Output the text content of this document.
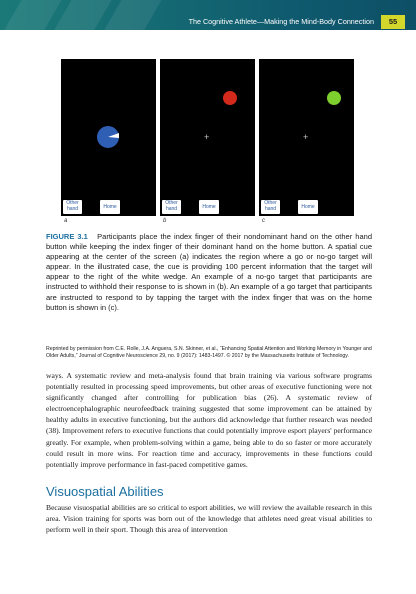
The Cognitive Athlete—Making the Mind-Body Connection	55
Other hand	Home
a
+
Other hand	Home
b
+
Other hand	Home
c
FIGURE 3.1 Participants place the index finger of their nondominant hand on the other hand button while keeping the index finger of their dominant hand on the home button. A spatial cue appearing at the center of the screen (a) indicates the region where a go or no-go target will appear. In the illustrated case, the cue is providing 100 percent information that the target will appear to the right of the white wedge. An example of a no-go target that participants are instructed to withhold their response to is shown in (b). An example of a go target that participants are instructed to respond to by tapping the target with the index finger that was on the home button is shown in (c).
Reprinted by permission from C.E. Rolle, J.A. Anguera, S.N. Skinner, et al., “Enhancing Spatial Attention and Working Memory in Younger and Older Adults,” Journal of Cognitive Neuroscience 29, no. 9 (2017): 1483-1497. © 2017 by the Massachusetts Institute of Technology.
ways. A systematic review and meta-analysis found that brain training via various software programs potentially resulted in processing speed improvements, but other areas of executive functioning were not significantly changed after controlling for publication bias (26). A systematic review of electroencephalographic neurofeedback training suggested that some improvement can be attained by healthy adults in executive functioning, but the authors did acknowledge that further research was needed (38). Improvement refers to executive functions that could potentially improve esport players' performance greatly. For example, when problem-solving within a game, being able to do so faster or more accurately could result in more wins. For reaction time and accuracy, improvements in these functions could potentially improve performance in fast-paced competitive games.
Visuospatial Abilities
Because visuospatial abilities are so critical to esport abilities, we will review the available research in this area. Vision training for sports was born out of the knowledge that athletes need great visual abilities to perform well in their sport. Though this area of intervention
